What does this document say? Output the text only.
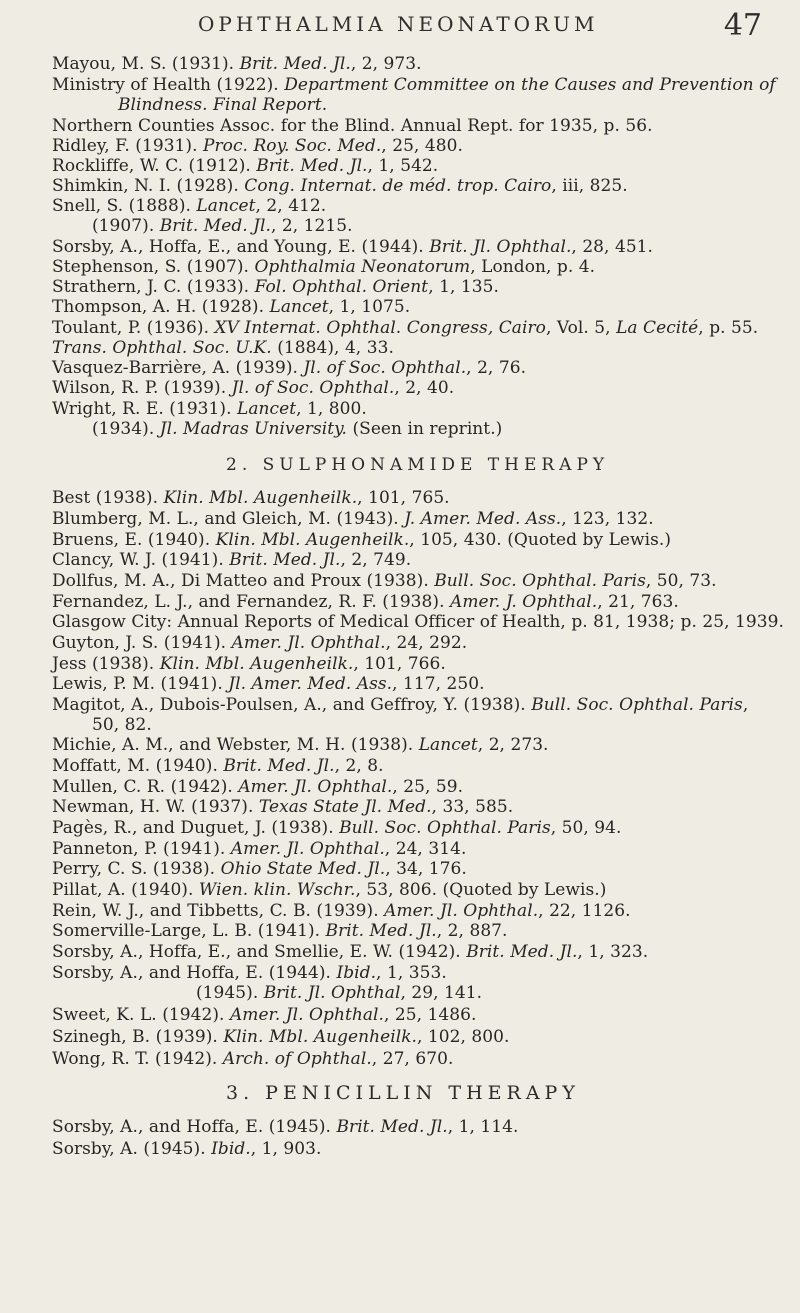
OPHTHALMIA NEONATORUM	47
Mayou, M. S. (1931). Brit. Med. Jl., 2, 973.
Ministry of Health (1922). Department Committee on the Causes and Prevention of
Blindness. Final Report.
Northern Counties Assoc. for the Blind. Annual Rept. for 1935, p. 56.
Ridley, F. (1931). Proc. Roy. Soc. Med., 25, 480.
Rockliffe, W. C. (1912). Brit. Med. Jl., 1, 542.
Shimkin, N. I. (1928). Cong. Internat. de méd. trop. Cairo, iii, 825.
Snell, S. (1888). Lancet, 2, 412.
(1907). Brit. Med. Jl., 2, 1215.
Sorsby, A., Hoffa, E., and Young, E. (1944). Brit. Jl. Ophthal., 28, 451.
Stephenson, S. (1907). Ophthalmia Neonatorum, London, p. 4.
Strathern, J. C. (1933). Fol. Ophthal. Orient, 1, 135.
Thompson, A. H. (1928). Lancet, 1, 1075.
Toulant, P. (1936). XV Internat. Ophthal. Congress, Cairo, Vol. 5, La Cecité, p. 55.
Trans. Ophthal. Soc. U.K. (1884), 4, 33.
Vasquez-Barrière, A. (1939). Jl. of Soc. Ophthal., 2, 76.
Wilson, R. P. (1939). Jl. of Soc. Ophthal., 2, 40.
Wright, R. E. (1931). Lancet, 1, 800.
(1934). Jl. Madras University. (Seen in reprint.)
2. SULPHONAMIDE THERAPY
Best (1938). Klin. Mbl. Augenheilk., 101, 765.
Blumberg, M. L., and Gleich, M. (1943). J. Amer. Med. Ass., 123, 132.
Bruens, E. (1940). Klin. Mbl. Augenheilk., 105, 430. (Quoted by Lewis.)
Clancy, W. J. (1941). Brit. Med. Jl., 2, 749.
Dollfus, M. A., Di Matteo and Proux (1938). Bull. Soc. Ophthal. Paris, 50, 73.
Fernandez, L. J., and Fernandez, R. F. (1938). Amer. J. Ophthal., 21, 763.
Glasgow City: Annual Reports of Medical Officer of Health, p. 81, 1938; p. 25, 1939.
Guyton, J. S. (1941). Amer. Jl. Ophthal., 24, 292.
Jess (1938). Klin. Mbl. Augenheilk., 101, 766.
Lewis, P. M. (1941). Jl. Amer. Med. Ass., 117, 250.
Magitot, A., Dubois-Poulsen, A., and Geffroy, Y. (1938). Bull. Soc. Ophthal. Paris,
50, 82.
Michie, A. M., and Webster, M. H. (1938). Lancet, 2, 273.
Moffatt, M. (1940). Brit. Med. Jl., 2, 8.
Mullen, C. R. (1942). Amer. Jl. Ophthal., 25, 59.
Newman, H. W. (1937). Texas State Jl. Med., 33, 585.
Pagès, R., and Duguet, J. (1938). Bull. Soc. Ophthal. Paris, 50, 94.
Panneton, P. (1941). Amer. Jl. Ophthal., 24, 314.
Perry, C. S. (1938). Ohio State Med. Jl., 34, 176.
Pillat, A. (1940). Wien. klin. Wschr., 53, 806. (Quoted by Lewis.)
Rein, W. J., and Tibbetts, C. B. (1939). Amer. Jl. Ophthal., 22, 1126.
Somerville-Large, L. B. (1941). Brit. Med. Jl., 2, 887.
Sorsby, A., Hoffa, E., and Smellie, E. W. (1942). Brit. Med. Jl., 1, 323.
Sorsby, A., and Hoffa, E. (1944). Ibid., 1, 353.
(1945). Brit. Jl. Ophthal, 29, 141.
Sweet, K. L. (1942). Amer. Jl. Ophthal., 25, 1486.
Szinegh, B. (1939). Klin. Mbl. Augenheilk., 102, 800.
Wong, R. T. (1942). Arch. of Ophthal., 27, 670.
3. PENICILLIN THERAPY
Sorsby, A., and Hoffa, E. (1945). Brit. Med. Jl., 1, 114.
Sorsby, A. (1945). Ibid., 1, 903.
